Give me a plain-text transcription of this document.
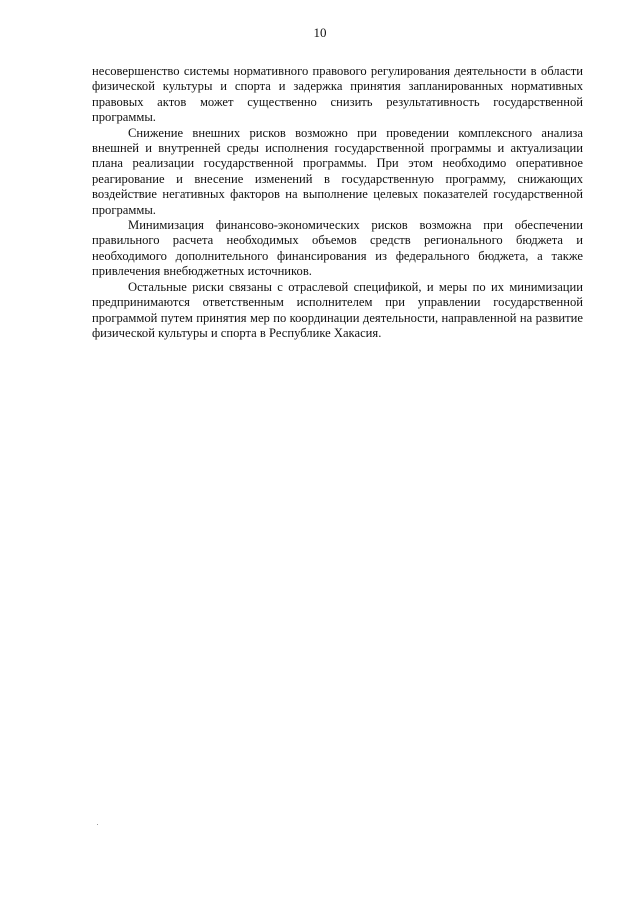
10

несовершенство системы нормативного правового регулирования деятельности в области физической культуры и спорта и задержка принятия запланированных нормативных правовых актов может существенно снизить результативность государственной программы.

Снижение внешних рисков возможно при проведении комплексного анализа внешней и внутренней среды исполнения государственной программы и актуализации плана реализации государственной программы. При этом необходимо оперативное реагирование и внесение изменений в государственную программу, снижающих воздействие негативных факторов на выполнение целевых показателей государственной программы.

Минимизация финансово-экономических рисков возможна при обеспечении правильного расчета необходимых объемов средств регионального бюджета и необходимого дополнительного финансирования из федерального бюджета, а также привлечения внебюджетных источников.

Остальные риски связаны с отраслевой спецификой, и меры по их минимизации предпринимаются ответственным исполнителем при управлении государственной программой путем принятия мер по координации деятельности, направленной на развитие физической культуры и спорта в Республике Хакасия.
